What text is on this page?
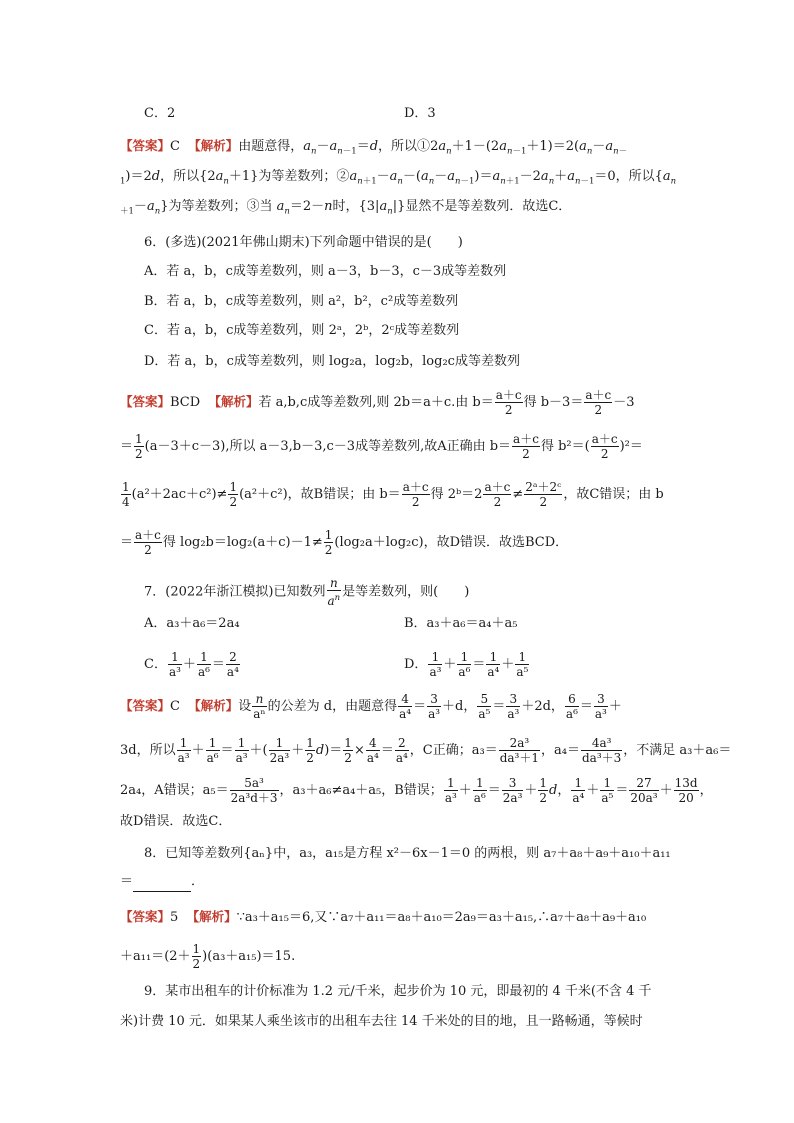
C．2	D．3
【答案】C 【解析】由题意得，$a_n-a_{n-1}=d$，所以$①2a_n+1-(2a_{n-1}+1)=2(a_n-a_{n-}$
$_1$)＝2d，所以$\{2a_n+1\}$为等差数列；$②a_{n+1}-a_n-(a_n-a_{n-1})=a_{n+1}-2a_n+a_{n-1}=0$，所以{$a_n$
$_{+1}-a_n$}为等差数列；③当 $a_n=2-n$时，$\{3|a_n|\}$显然不是等差数列．故选C．
6．(多选)(2021年佛山期末)下列命题中错误的是(　　)
A．若 a，b，c成等差数列，则 a－3，b－3，c－3成等差数列
B．若 a，b，c成等差数列，则 a²，b²，c²成等差数列
C．若 a，b，c成等差数列，则 2ᵃ，2ᵇ，2ᶜ成等差数列
D．若 a，b，c成等差数列，则 log₂a，log₂b，log₂c成等差数列
【答案】BCD 【解析】若 a,b,c成等差数列,则 2b＝a＋c.由 $b= \frac{a+c}{2}$ 得 $b-3= \frac{a+c}{2} -3$
＝ $\frac{1}{2} (a-3+c-3)$,所以 a－3,b－3,c－3成等差数列,故A正确由 $b= \frac{a+c}{2}$ 得 $b^2=( \frac{a+c}{2} )^2=$
$\frac{1}{4} (a^2+2ac+c^2)\ne \frac{1}{2} (a^2+c^2)$，故B错误；由 $b= \frac{a+c}{2}$ 得 2ᵇ＝2 $\frac{a+c}{2} \ne \frac{\text{2ᵃ＋2ᶜ}}{2}$ ，故C错误；由 b
＝ $\frac{a+c}{2}$ 得 $\log_2b=\log_2(a+c)-1\ne \frac{1}{2} (\log_2a+\log_2c)$，故D错误．故选BCD．
7．(2022年浙江模拟)已知数列 $\frac{n}{a^n}$ 是等差数列，则(　　)
A．a₃＋a₆＝2a₄	B．a₃＋a₆＝a₄＋a₅
C． $\frac{1}{\text{a³}} + \frac{1}{\text{a⁶}} = \frac{2}{\text{a⁴}}$	D． $\frac{1}{\text{a³}} + \frac{1}{\text{a⁶}} = \frac{1}{\text{a⁴}} + \frac{1}{\text{a⁵}}$
【答案】C 【解析】设 $\frac{n}{\text{aⁿ}}$ 的公差为 d，由题意得 $\frac{4}{\text{a⁴}} = \frac{3}{\text{a³}} +d$， $\frac{5}{\text{a⁵}} = \frac{3}{\text{a³}} +2d$， $\frac{6}{\text{a⁶}} = \frac{3}{\text{a³}}$ ＋
3d，所以 $\frac{1}{\text{a³}} + \frac{1}{\text{a⁶}} = \frac{1}{\text{a³}}$ ＋( $\frac{1}{\text{2a³}} + \frac{1}{2} d)= \frac{1}{2} \times \frac{4}{\text{a⁴}} = \frac{2}{\text{a⁴}}$ ，C正确；$a_3= \frac{\text{2a³}}{\text{da³＋1}}$ ，$a_4= \frac{\text{4a³}}{\text{da³＋3}}$ ，不满足 a₃＋a₆＝
2a₄，A错误；$a_5= \frac{\text{5a³}}{\text{2a³d＋3}}$ ，a₃＋a₆≠a₄＋a₅，B错误； $\frac{1}{\text{a³}} + \frac{1}{\text{a⁶}} = \frac{3}{\text{2a³}} + \frac{1}{2}$ d， $\frac{1}{\text{a⁴}} + \frac{1}{\text{a⁵}} = \frac{27}{\text{20a³}} + \frac{13d}{20}$ ，
故D错误．故选C．
8．已知等差数列{aₙ}中，a₃，a₁₅是方程 x²－6x－1＝0 的两根，则 a₇＋a₈＋a₉＋a₁₀＋a₁₁
＝	．
【答案】5 【解析】∵a₃＋a₁₅＝6,又∵a₇＋a₁₁＝a₈＋a₁₀＝2a₉＝a₃＋a₁₅,∴a₇＋a₈＋a₉＋a₁₀
$+a_{11}=(2+ \frac{1}{2} )(a_3+a_{15})=15$.
9．某市出租车的计价标准为 1.2 元/千米，起步价为 10 元，即最初的 4 千米(不含 4 千
米)计费 10 元．如果某人乘坐该市的出租车去往 14 千米处的目的地，且一路畅通，等候时
